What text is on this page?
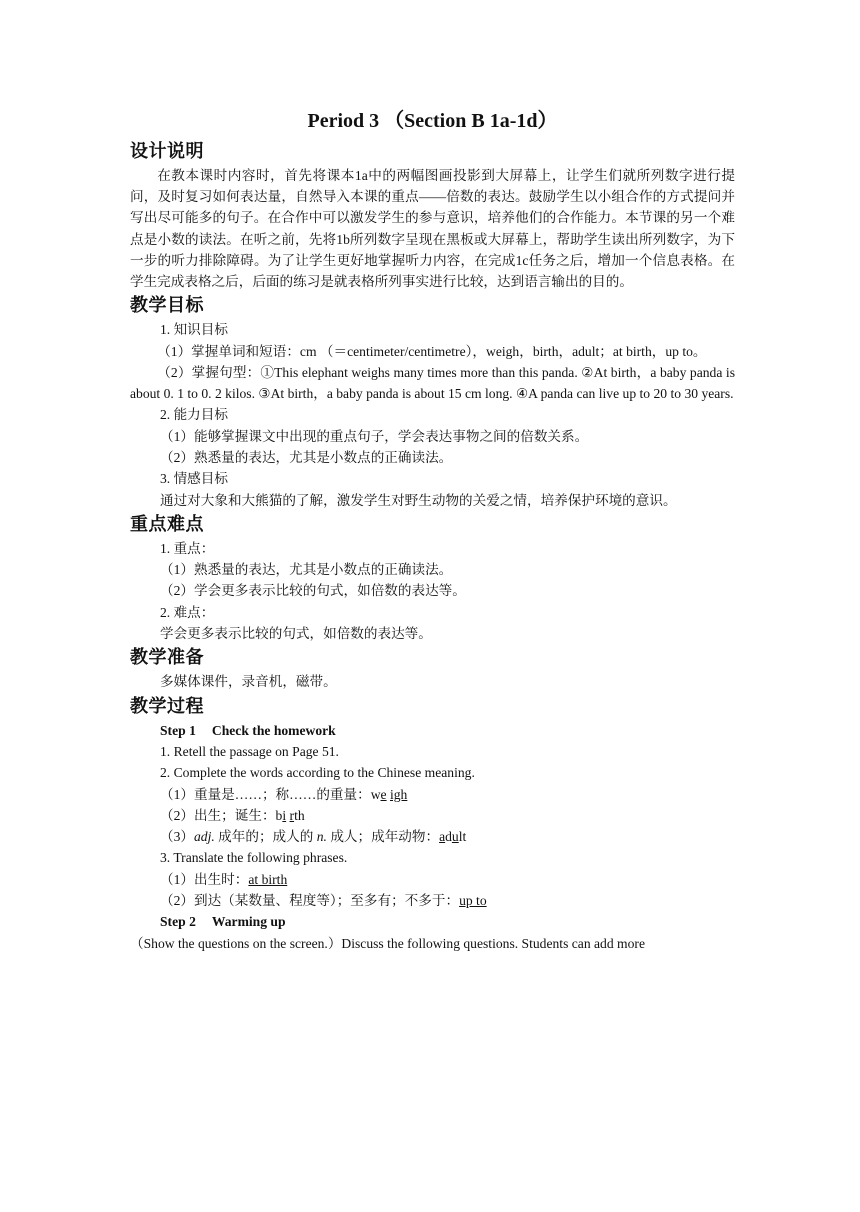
Period 3 （Section B 1a-1d）

设计说明

在教本课时内容时，首先将课本1a中的两幅图画投影到大屏幕上，让学生们就所列数字进行提问，及时复习如何表达量，自然导入本课的重点——倍数的表达。鼓励学生以小组合作的方式提问并写出尽可能多的句子。在合作中可以激发学生的参与意识，培养他们的合作能力。本节课的另一个难点是小数的读法。在听之前，先将1b所列数字呈现在黑板或大屏幕上，帮助学生读出所列数字，为下一步的听力排除障碍。为了让学生更好地掌握听力内容，在完成1c任务之后，增加一个信息表格。在学生完成表格之后，后面的练习是就表格所列事实进行比较，达到语言输出的目的。

教学目标

1. 知识目标

（1）掌握单词和短语：cm （＝centimeter/centimetre），weigh，birth，adult；at birth，up to。

（2）掌握句型：①This elephant weighs many times more than this panda. ②At birth，a baby panda is about 0. 1 to 0. 2 kilos. ③At birth，a baby panda is about 15 cm long. ④A panda can live up to 20 to 30 years.

2. 能力目标

（1）能够掌握课文中出现的重点句子，学会表达事物之间的倍数关系。

（2）熟悉量的表达，尤其是小数点的正确读法。

3. 情感目标

通过对大象和大熊猫的了解，激发学生对野生动物的关爱之情，培养保护环境的意识。

重点难点

1. 重点：

（1）熟悉量的表达，尤其是小数点的正确读法。

（2）学会更多表示比较的句式，如倍数的表达等。

2. 难点：

学会更多表示比较的句式，如倍数的表达等。

教学准备

多媒体课件，录音机，磁带。

教学过程

Step 1 Check the homework

1. Retell the passage on Page 51.

2. Complete the words according to the Chinese meaning.

（1）重量是……；称……的重量：we igh

（2）出生；诞生：bi rth

（3）adj. 成年的；成人的 n. 成人；成年动物：adult

3. Translate the following phrases.

（1）出生时：at birth

（2）到达（某数量、程度等）；至多有；不多于：up to

Step 2 Warming up

（Show the questions on the screen.）Discuss the following questions. Students can add more
